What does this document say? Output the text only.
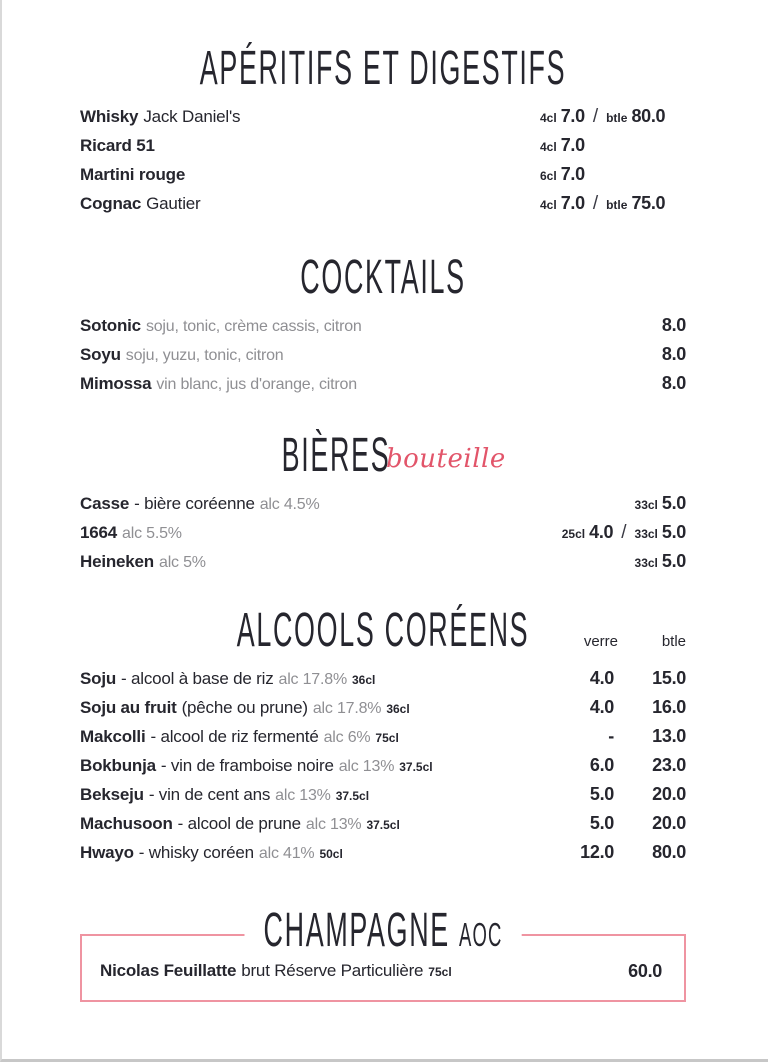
APÉRITIFS ET DIGESTIFS
Whisky Jack Daniel's	4cl 7.0 / btle 80.0
Ricard 51	4cl 7.0
Martini rouge	6cl 7.0
Cognac Gautier	4cl 7.0 / btle 75.0
COCKTAILS
Sotonic soju, tonic, crème cassis, citron	8.0
Soyu soju, yuzu, tonic, citron	8.0
Mimossa vin blanc, jus d'orange, citron	8.0
BIÈRES
bouteille
Casse - bière coréenne alc 4.5%	33cl 5.0
1664 alc 5.5%	25cl 4.0 / 33cl 5.0
Heineken alc 5%	33cl 5.0
ALCOOLS CORÉENS	verre	btle
Soju - alcool à base de riz alc 17.8% 36cl	4.0	15.0
Soju au fruit (pêche ou prune) alc 17.8% 36cl	4.0	16.0
Makcolli - alcool de riz fermenté alc 6% 75cl	-	13.0
Bokbunja - vin de framboise noire alc 13% 37.5cl	6.0	23.0
Bekseju - vin de cent ans alc 13% 37.5cl	5.0	20.0
Machusoon - alcool de prune alc 13% 37.5cl	5.0	20.0
Hwayo - whisky coréen alc 41% 50cl	12.0	80.0
CHAMPAGNE AOC
Nicolas Feuillatte brut Réserve Particulière 75cl	60.0
